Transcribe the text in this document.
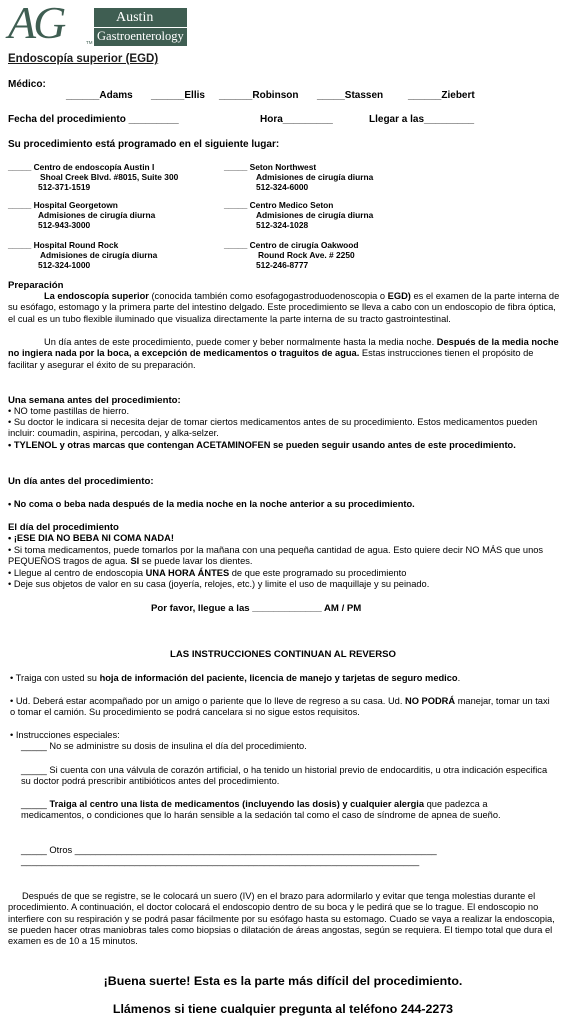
AG	Austin
Gastroenterology
TM
Endoscopía superior (EGD)
Médico:
______Adams ______Ellis ______Robinson _____Stassen ______Ziebert
Fecha del procedimiento _________	Hora_________	Llegar a las_________
Su procedimiento está programado en el siguiente lugar:
_____ Centro de endoscopía Austin I
Shoal Creek Blvd. #8015, Suite 300
512-371-1519
_____ Seton Northwest
Admisiones de cirugía diurna
512-324-6000
_____ Hospital Georgetown
Admisiones de cirugía diurna
512-943-3000
_____ Centro Medico Seton
Admisiones de cirugía diurna
512-324-1028
_____ Hospital Round Rock
Admisiones de cirugía diurna
512-324-1000
_____ Centro de cirugía Oakwood
Round Rock Ave. # 2250
512-246-8777
Preparación
La endoscopía superior (conocida también como esofagogastroduodenoscopia o EGD) es el examen de la parte interna de su esófago, estomago y la primera parte del intestino delgado. Este procedimiento se lleva a cabo con un endoscopio de fibra óptica, el cual es un tubo flexible iluminado que visualiza directamente la parte interna de su tracto gastrointestinal.
Un día antes de este procedimiento, puede comer y beber normalmente hasta la media noche. Después de la media noche no ingiera nada por la boca, a excepción de medicamentos o traguitos de agua. Estas instrucciones tienen el propósito de facilitar y asegurar el éxito de su preparación.
Una semana antes del procedimiento:
• NO tome pastillas de hierro.
• Su doctor le indicara si necesita dejar de tomar ciertos medicamentos antes de su procedimiento. Estos medicamentos pueden incluir: coumadin, aspirina, percodan, y alka-selzer.
• TYLENOL y otras marcas que contengan ACETAMINOFEN se pueden seguir usando antes de este procedimiento.
Un día antes del procedimiento:
• No coma o beba nada después de la media noche en la noche anterior a su procedimiento.
El día del procedimiento
• ¡ESE DIA NO BEBA NI COMA NADA!
• Si toma medicamentos, puede tomarlos por la mañana con una pequeña cantidad de agua. Esto quiere decir NO MÁS que unos PEQUEÑOS tragos de agua. SI se puede lavar los dientes.
• Llegue al centro de endoscopia UNA HORA ÁNTES de que este programado su procedimiento
• Deje sus objetos de valor en su casa (joyería, relojes, etc.) y limite el uso de maquillaje y su peinado.
Por favor, llegue a las _____________ AM / PM
LAS INSTRUCCIONES CONTINUAN AL REVERSO
• Traiga con usted su hoja de información del paciente, licencia de manejo y tarjetas de seguro medico.
• Ud. Deberá estar acompañado por un amigo o pariente que lo lleve de regreso a su casa. Ud. NO PODRÁ manejar, tomar un taxi o tomar el camión. Su procedimiento se podrá cancelara si no sigue estos requisitos.
• Instrucciones especiales:
_____ No se administre su dosis de insulina el día del procedimiento.
_____ Si cuenta con una válvula de corazón artificial, o ha tenido un historial previo de endocarditis, u otra indicación especifica su doctor podrá prescribir antibióticos antes del procedimiento.
_____ Traiga al centro una lista de medicamentos (incluyendo las dosis) y cualquier alergia que padezca a medicamentos, o condiciones que lo harán sensible a la sedación tal como el caso de síndrome de apnea de sueño.
_____ Otros ______________________________________________________________________
_____________________________________________________________________________
Después de que se registre, se le colocará un suero (IV) en el brazo para adormilarlo y evitar que tenga molestias durante el procedimiento. A continuación, el doctor colocará el endoscopio dentro de su boca y le pedirá que se lo trague. El endoscopio no interfiere con su respiración y se podrá pasar fácilmente por su esófago hasta su estomago. Cuado se vaya a realizar la endoscopia, se pueden hacer otras maniobras tales como biopsias o dilatación de áreas angostas, según se requiera. El tiempo total que dura el examen es de 10 a 15 minutos.
¡Buena suerte! Esta es la parte más difícil del procedimiento.
Llámenos si tiene cualquier pregunta al teléfono 244-2273
